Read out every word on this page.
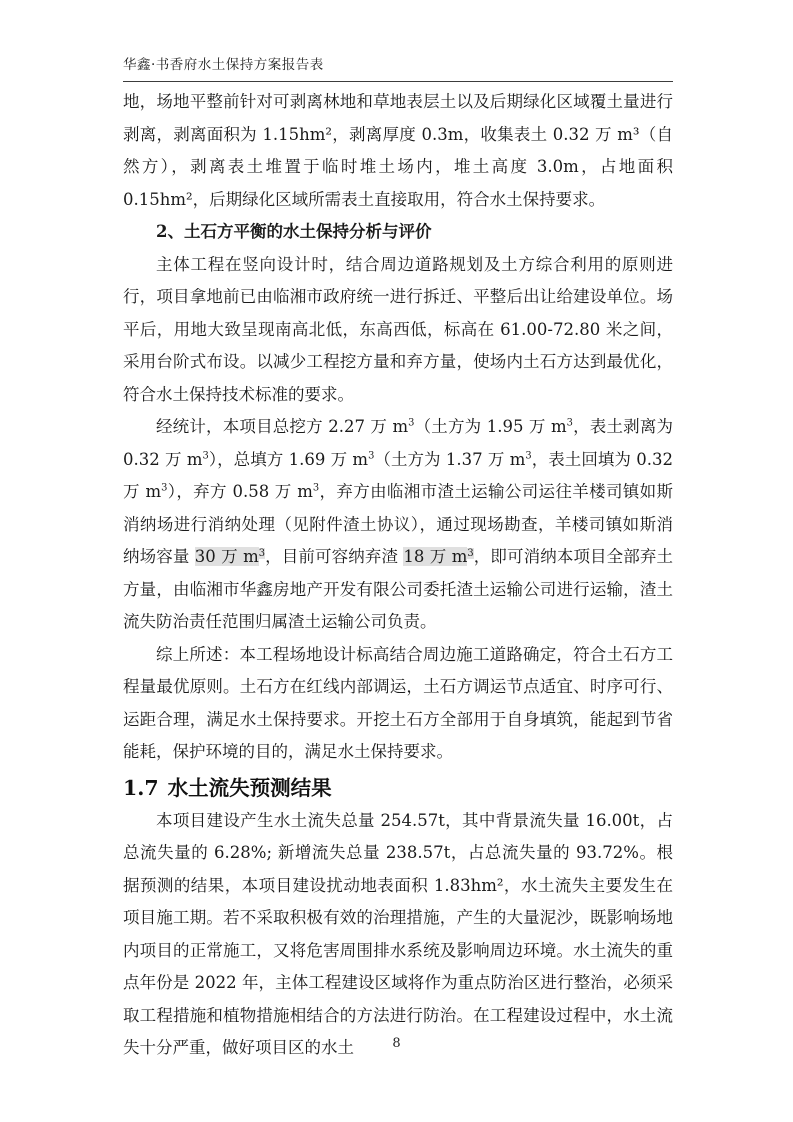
华鑫·书香府水土保持方案报告表

地，场地平整前针对可剥离林地和草地表层土以及后期绿化区域覆土量进行剥离，剥离面积为 1.15hm²，剥离厚度 0.3m，收集表土 0.32 万 m³（自然方），剥离表土堆置于临时堆土场内，堆土高度 3.0m，占地面积 0.15hm²，后期绿化区域所需表土直接取用，符合水土保持要求。

2、土石方平衡的水土保持分析与评价

主体工程在竖向设计时，结合周边道路规划及土方综合利用的原则进行，项目拿地前已由临湘市政府统一进行拆迁、平整后出让给建设单位。场平后，用地大致呈现南高北低，东高西低，标高在 61.00-72.80 米之间，采用台阶式布设。以减少工程挖方量和弃方量，使场内土石方达到最优化，符合水土保持技术标准的要求。

经统计，本项目总挖方 2.27 万 $m^3$（土方为 1.95 万 $m^3$，表土剥离为 0.32 万 $m^3$），总填方 1.69 万 $m^3$（土方为 1.37 万 $m^3$，表土回填为 0.32 万 $m^3$），弃方 0.58 万 $m^3$，弃方由临湘市渣土运输公司运往羊楼司镇如斯消纳场进行消纳处理（见附件渣土协议），通过现场勘查，羊楼司镇如斯消纳场容量 30 万 $m^3$，目前可容纳弃渣 18 万 $m^3$，即可消纳本项目全部弃土方量，由临湘市华鑫房地产开发有限公司委托渣土运输公司进行运输，渣土流失防治责任范围归属渣土运输公司负责。

综上所述：本工程场地设计标高结合周边施工道路确定，符合土石方工程量最优原则。土石方在红线内部调运，土石方调运节点适宜、时序可行、运距合理，满足水土保持要求。开挖土石方全部用于自身填筑，能起到节省能耗，保护环境的目的，满足水土保持要求。

1.7 水土流失预测结果

本项目建设产生水土流失总量 254.57t，其中背景流失量 16.00t，占总流失量的 6.28%; 新增流失总量 238.57t，占总流失量的 93.72%。根据预测的结果，本项目建设扰动地表面积 1.83hm²，水土流失主要发生在项目施工期。若不采取积极有效的治理措施，产生的大量泥沙，既影响场地内项目的正常施工，又将危害周围排水系统及影响周边环境。水土流失的重点年份是 2022 年，主体工程建设区域将作为重点防治区进行整治，必须采取工程措施和植物措施相结合的方法进行防治。在工程建设过程中，水土流失十分严重，做好项目区的水土	8
